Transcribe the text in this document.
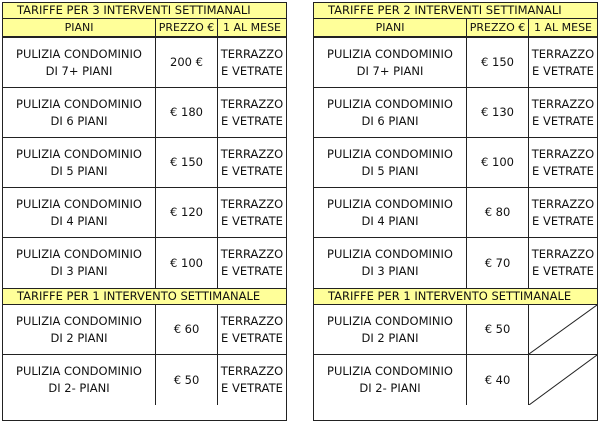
TARIFFE PER 3 INTERVENTI SETTIMANALI
PIANI	PREZZO € 1 AL MESE
PULIZIA CONDOMINIO
DI 7+ PIANI
200 €
TERRAZZO
E VETRATE
PULIZIA CONDOMINIO
DI 6 PIANI
€ 180
TERRAZZO
E VETRATE
PULIZIA CONDOMINIO
DI 5 PIANI
€ 150
TERRAZZO
E VETRATE
PULIZIA CONDOMINIO
DI 4 PIANI
€ 120
TERRAZZO
E VETRATE
PULIZIA CONDOMINIO
DI 3 PIANI
€ 100
TERRAZZO
E VETRATE
TARIFFE PER 1 INTERVENTO SETTIMANALE
PULIZIA CONDOMINIO
DI 2 PIANI
€ 60
TERRAZZO
E VETRATE
PULIZIA CONDOMINIO
DI 2- PIANI
€ 50
TERRAZZO
E VETRATE
TARIFFE PER 2 INTERVENTI SETTIMANALI
PIANI	PREZZO € 1 AL MESE
PULIZIA CONDOMINIO
DI 7+ PIANI
€ 150
TERRAZZO
E VETRATE
PULIZIA CONDOMINIO
DI 6 PIANI
€ 130
TERRAZZO
E VETRATE
PULIZIA CONDOMINIO
DI 5 PIANI
€ 100
TERRAZZO
E VETRATE
PULIZIA CONDOMINIO
DI 4 PIANI
€ 80
TERRAZZO
E VETRATE
PULIZIA CONDOMINIO
DI 3 PIANI
€ 70
TERRAZZO
E VETRATE
TARIFFE PER 1 INTERVENTO SETTIMANALE
PULIZIA CONDOMINIO
DI 2 PIANI
€ 50
PULIZIA CONDOMINIO
DI 2- PIANI
€ 40
